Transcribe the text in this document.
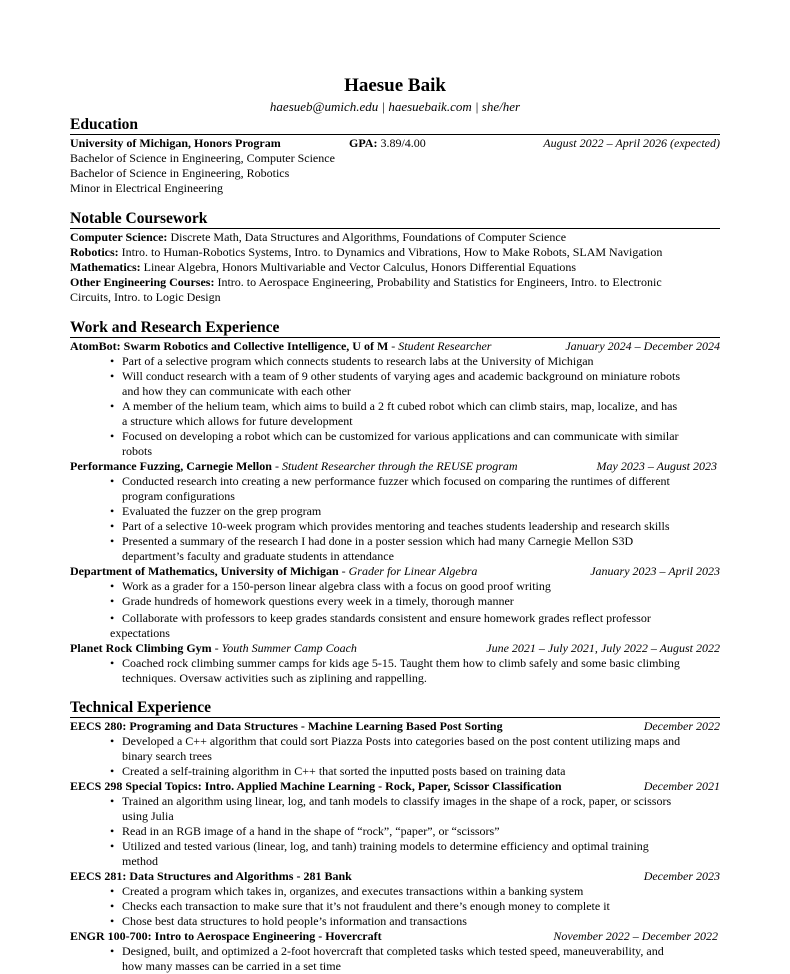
Haesue Baik
haesueb@umich.edu | haesuebaik.com | she/her
Education
University of Michigan, Honors Program	GPA: 3.89/4.00	August 2022 – April 2026 (expected)
Bachelor of Science in Engineering, Computer Science
Bachelor of Science in Engineering, Robotics
Minor in Electrical Engineering
Notable Coursework
Computer Science: Discrete Math, Data Structures and Algorithms, Foundations of Computer Science
Robotics: Intro. to Human-Robotics Systems, Intro. to Dynamics and Vibrations, How to Make Robots, SLAM Navigation
Mathematics: Linear Algebra, Honors Multivariable and Vector Calculus, Honors Differential Equations
Other Engineering Courses: Intro. to Aerospace Engineering, Probability and Statistics for Engineers, Intro. to Electronic
Circuits, Intro. to Logic Design
Work and Research Experience
AtomBot: Swarm Robotics and Collective Intelligence, U of M - Student Researcher	January 2024 – December 2024
• Part of a selective program which connects students to research labs at the University of Michigan
• Will conduct research with a team of 9 other students of varying ages and academic background on miniature robots
and how they can communicate with each other
• A member of the helium team, which aims to build a 2 ft cubed robot which can climb stairs, map, localize, and has
a structure which allows for future development
• Focused on developing a robot which can be customized for various applications and can communicate with similar
robots
Performance Fuzzing, Carnegie Mellon - Student Researcher through the REUSE program	May 2023 – August 2023
• Conducted research into creating a new performance fuzzer which focused on comparing the runtimes of different
program configurations
• Evaluated the fuzzer on the grep program
• Part of a selective 10-week program which provides mentoring and teaches students leadership and research skills
• Presented a summary of the research I had done in a poster session which had many Carnegie Mellon S3D
department’s faculty and graduate students in attendance
Department of Mathematics, University of Michigan - Grader for Linear Algebra	January 2023 – April 2023
• Work as a grader for a 150-person linear algebra class with a focus on good proof writing
• Grade hundreds of homework questions every week in a timely, thorough manner
• Collaborate with professors to keep grades standards consistent and ensure homework grades reflect professor
expectations
Planet Rock Climbing Gym - Youth Summer Camp Coach	June 2021 – July 2021, July 2022 – August 2022
• Coached rock climbing summer camps for kids age 5-15. Taught them how to climb safely and some basic climbing
techniques. Oversaw activities such as ziplining and rappelling.
Technical Experience
EECS 280: Programing and Data Structures - Machine Learning Based Post Sorting	December 2022
• Developed a C++ algorithm that could sort Piazza Posts into categories based on the post content utilizing maps and
binary search trees
• Created a self-training algorithm in C++ that sorted the inputted posts based on training data
EECS 298 Special Topics: Intro. Applied Machine Learning - Rock, Paper, Scissor Classification	December 2021
• Trained an algorithm using linear, log, and tanh models to classify images in the shape of a rock, paper, or scissors
using Julia
• Read in an RGB image of a hand in the shape of “rock”, “paper”, or “scissors”
• Utilized and tested various (linear, log, and tanh) training models to determine efficiency and optimal training
method
EECS 281: Data Structures and Algorithms - 281 Bank	December 2023
• Created a program which takes in, organizes, and executes transactions within a banking system
• Checks each transaction to make sure that it’s not fraudulent and there’s enough money to complete it
• Chose best data structures to hold people’s information and transactions
ENGR 100-700: Intro to Aerospace Engineering - Hovercraft	November 2022 – December 2022
• Designed, built, and optimized a 2-foot hovercraft that completed tasks which tested speed, maneuverability, and
how many masses can be carried in a set time
